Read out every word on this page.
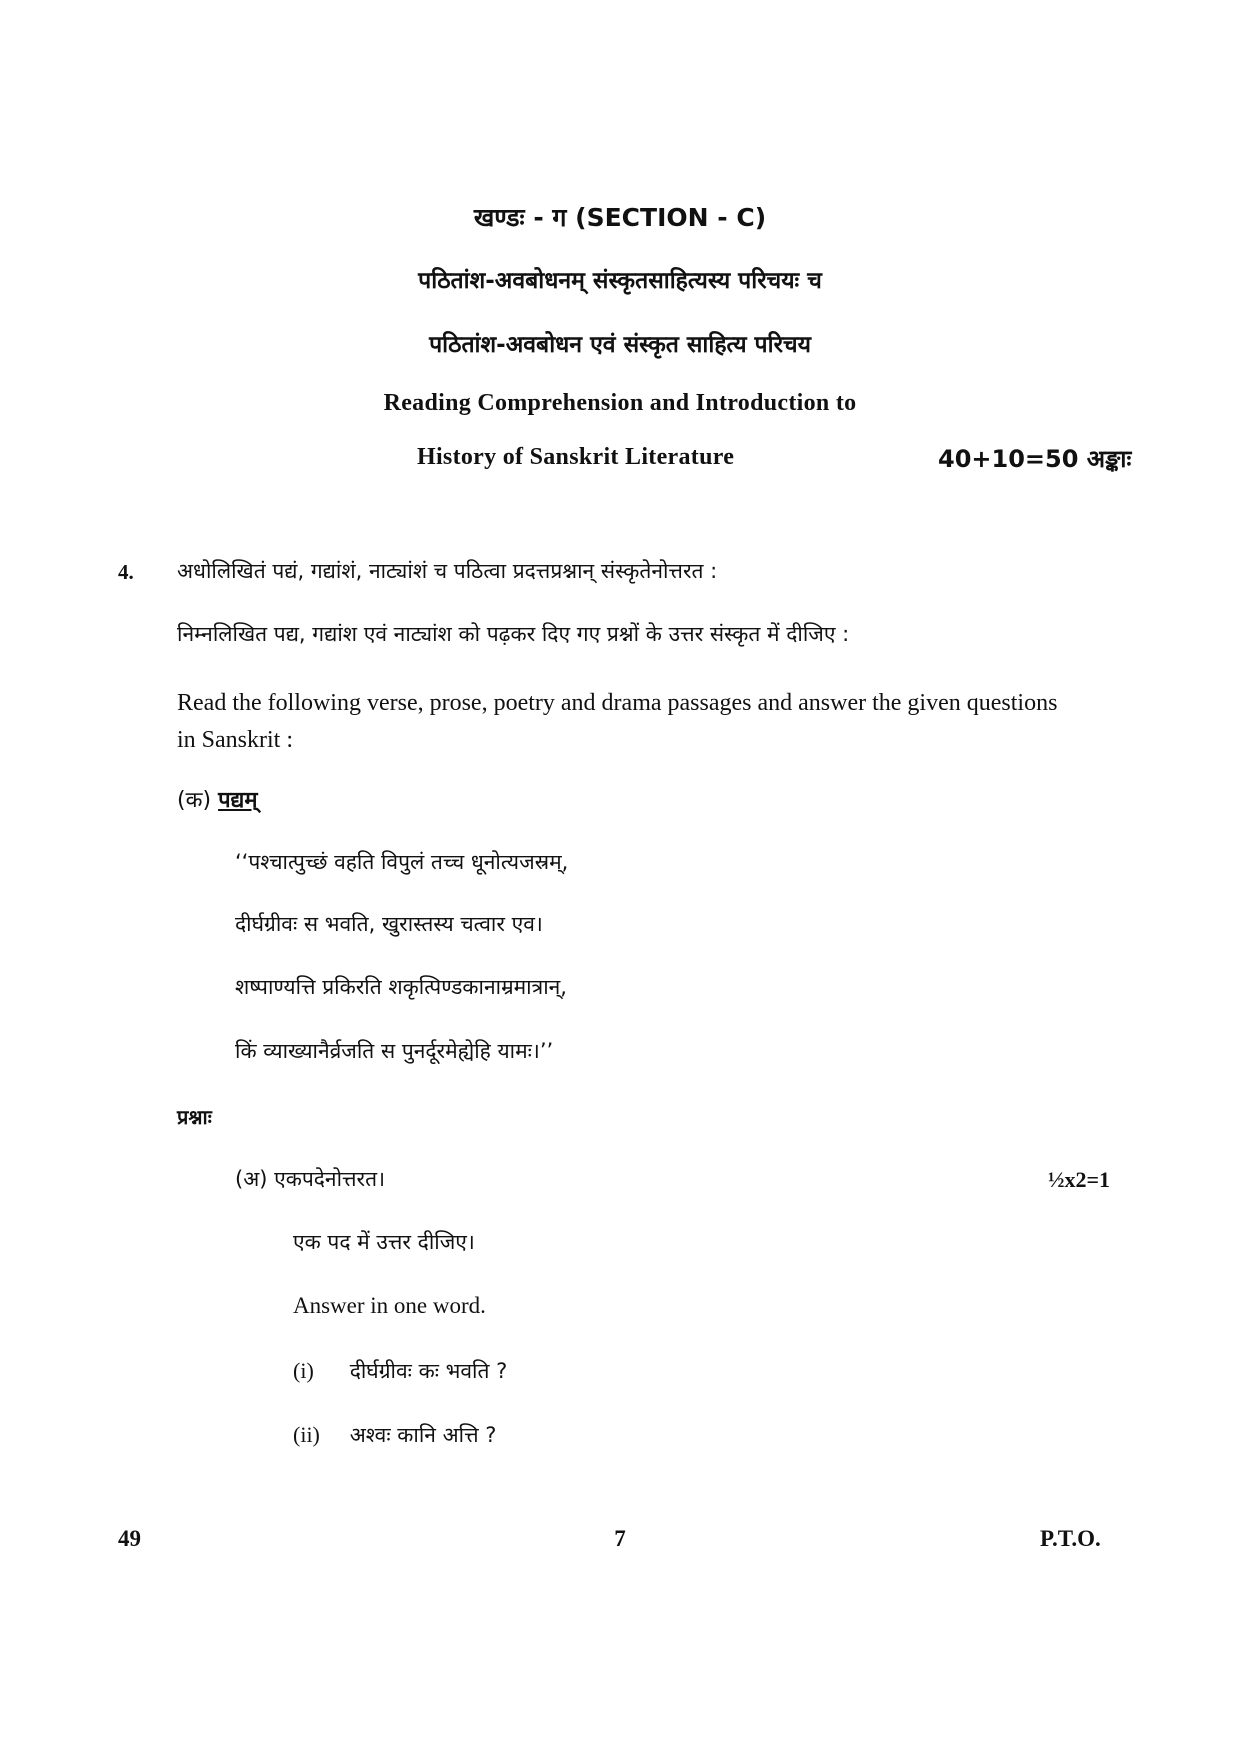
खण्डः - ग (SECTION - C)
पठितांश-अवबोधनम् संस्कृतसाहित्यस्य परिचयः च
पठितांश-अवबोधन एवं संस्कृत साहित्य परिचय
Reading Comprehension and Introduction to
History of Sanskrit Literature	40+10=50 अङ्काः
4. अधोलिखितं पद्यं, गद्यांशं, नाट्यांशं च पठित्वा प्रदत्तप्रश्नान् संस्कृतेनोत्तरत :
निम्नलिखित पद्य, गद्यांश एवं नाट्यांश को पढ़कर दिए गए प्रश्नों के उत्तर संस्कृत में दीजिए :
Read the following verse, prose, poetry and drama passages and answer the given questions in Sanskrit :
(क) पद्यम्
‘‘पश्चात्पुच्छं वहति विपुलं तच्च धूनोत्यजस्रम्,
दीर्घग्रीवः स भवति, खुरास्तस्य चत्वार एव।
शष्पाण्यत्ति प्रकिरति शकृत्पिण्डकानाम्रमात्रान्,
किं व्याख्यानैर्व्रजति स पुनर्दूरमेह्येहि यामः।’’
प्रश्नाः
(अ) एकपदेनोत्तरत।	½x2=1
एक पद में उत्तर दीजिए।
Answer in one word.
(i) दीर्घग्रीवः कः भवति ?
(ii) अश्वः कानि अत्ति ?
49	7	P.T.O.
